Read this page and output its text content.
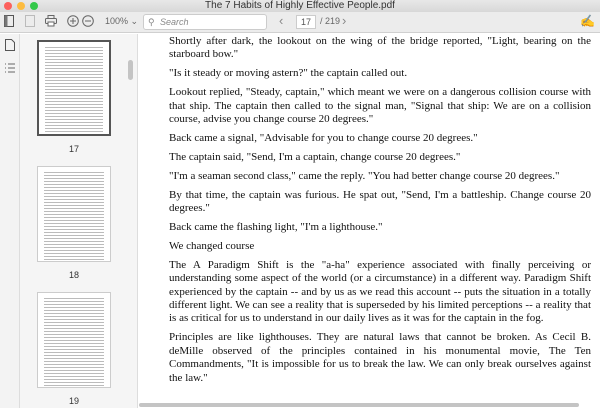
The 7 Habits of Highly Effective People.pdf
100% ⌄ ⚲ Search	‹	17	/ 219 ›	✍
17
18
19

Shortly after dark, the lookout on the wing of the bridge reported, "Light, bearing on the starboard bow."

"Is it steady or moving astern?" the captain called out.

Lookout replied, "Steady, captain," which meant we were on a dangerous collision course with that ship. The captain then called to the signal man, "Signal that ship: We are on a collision course, advise you change course 20 degrees."

Back came a signal, "Advisable for you to change course 20 degrees."

The captain said, "Send, I'm a captain, change course 20 degrees."

"I'm a seaman second class," came the reply. "You had better change course 20 degrees."

By that time, the captain was furious. He spat out, "Send, I'm a battleship. Change course 20 degrees."

Back came the flashing light, "I'm a lighthouse."

We changed course

The A Paradigm Shift is the "a-ha" experience associated with finally perceiving or understanding some aspect of the world (or a circumstance) in a different way. Paradigm Shift experienced by the captain -- and by us as we read this account -- puts the situation in a totally different light. We can see a reality that is superseded by his limited perceptions -- a reality that is as critical for us to understand in our daily lives as it was for the captain in the fog.

Principles are like lighthouses. They are natural laws that cannot be broken. As Cecil B. deMille observed of the principles contained in his monumental movie, The Ten Commandments, "It is impossible for us to break the law. We can only break ourselves against the law."
